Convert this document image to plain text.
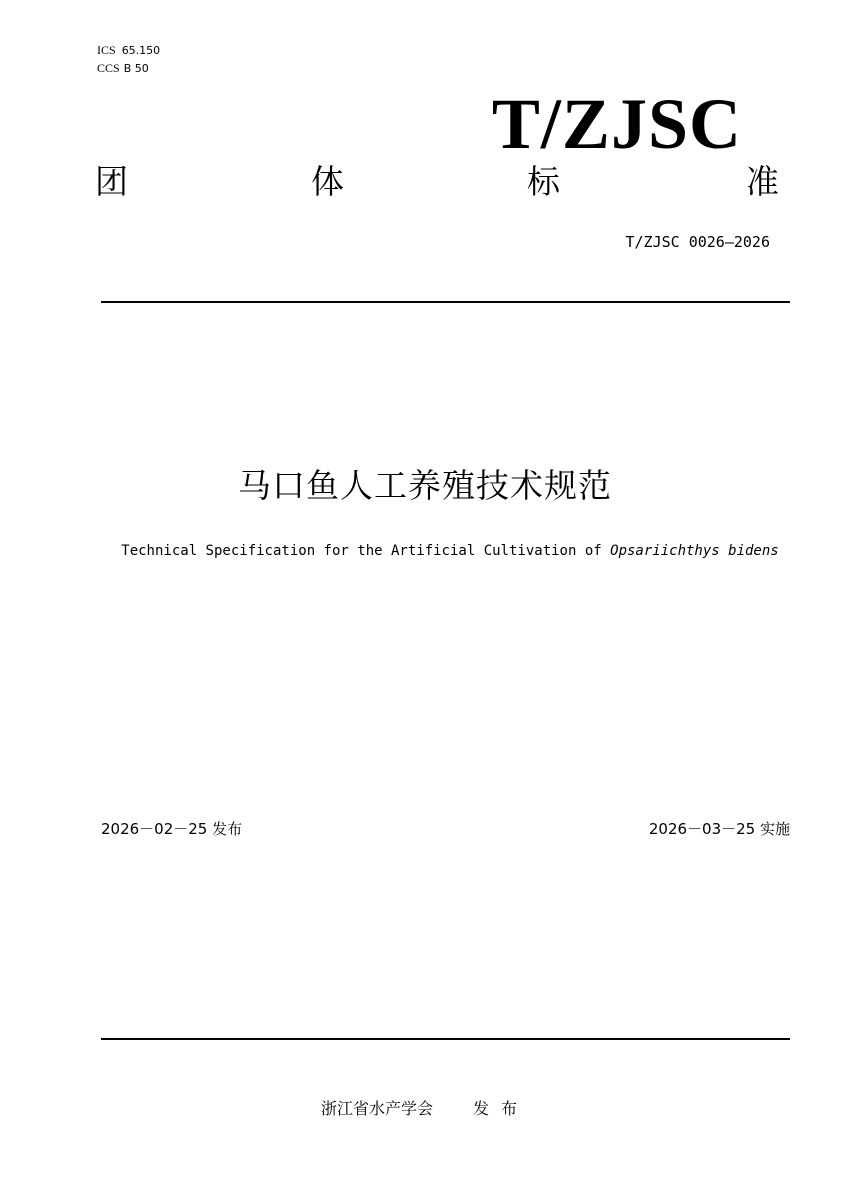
ICS 65.150
CCS B 50
T/ZJSC
团	体	标	准
T/ZJSC 0026—2026
马口鱼人工养殖技术规范
Technical Specification for the Artificial Cultivation of Opsariichthys bidens
2026－02－25 发布	2026－03－25 实施
浙江省水产学会	发布
